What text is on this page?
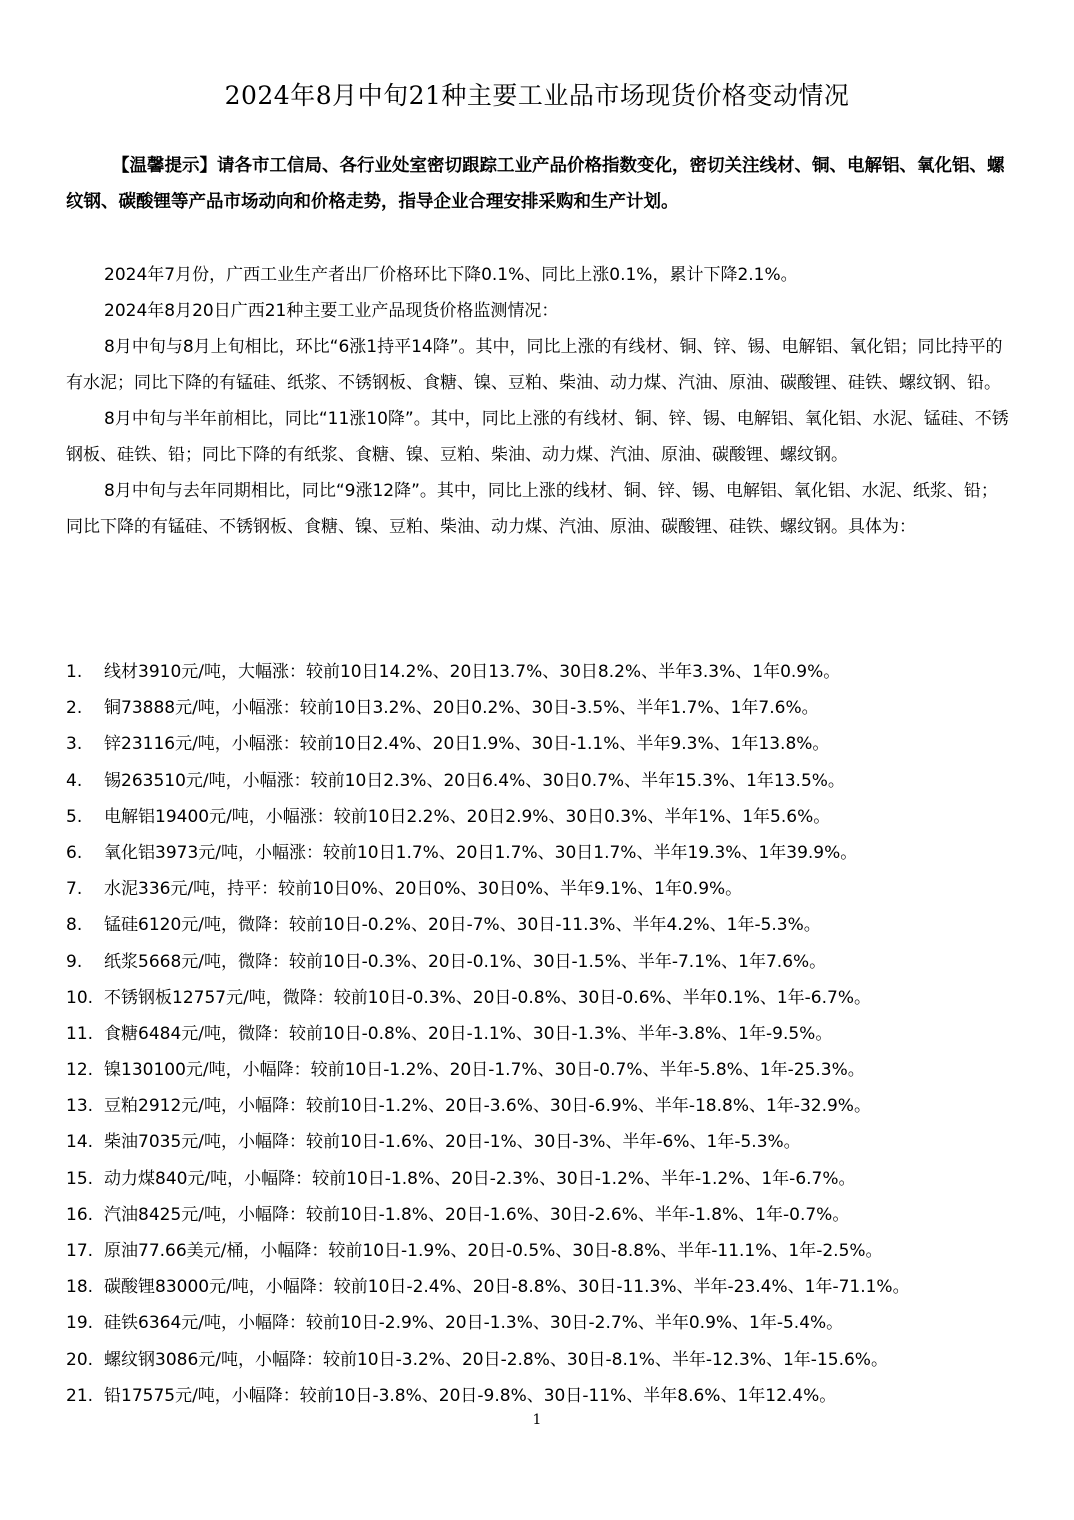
2024年8月中旬21种主要工业品市场现货价格变动情况
【温馨提示】请各市工信局、各行业处室密切跟踪工业产品价格指数变化，密切关注线材、铜、电解铝、氧化铝、螺纹钢、碳酸锂等产品市场动向和价格走势，指导企业合理安排采购和生产计划。

2024年7月份，广西工业生产者出厂价格环比下降0.1%、同比上涨0.1%，累计下降2.1%。

2024年8月20日广西21种主要工业产品现货价格监测情况：

8月中旬与8月上旬相比，环比“6涨1持平14降”。其中，同比上涨的有线材、铜、锌、锡、电解铝、氧化铝；同比持平的有水泥；同比下降的有锰硅、纸浆、不锈钢板、食糖、镍、豆粕、柴油、动力煤、汽油、原油、碳酸锂、硅铁、螺纹钢、铅。

8月中旬与半年前相比，同比“11涨10降”。其中，同比上涨的有线材、铜、锌、锡、电解铝、氧化铝、水泥、锰硅、不锈钢板、硅铁、铅；同比下降的有纸浆、食糖、镍、豆粕、柴油、动力煤、汽油、原油、碳酸锂、螺纹钢。

8月中旬与去年同期相比，同比“9涨12降”。其中，同比上涨的线材、铜、锌、锡、电解铝、氧化铝、水泥、纸浆、铅；同比下降的有锰硅、不锈钢板、食糖、镍、豆粕、柴油、动力煤、汽油、原油、碳酸锂、硅铁、螺纹钢。具体为：

1. 线材3910元/吨，大幅涨：较前10日14.2%、20日13.7%、30日8.2%、半年3.3%、1年0.9%。
2. 铜73888元/吨，小幅涨：较前10日3.2%、20日0.2%、30日-3.5%、半年1.7%、1年7.6%。
3. 锌23116元/吨，小幅涨：较前10日2.4%、20日1.9%、30日-1.1%、半年9.3%、1年13.8%。
4. 锡263510元/吨，小幅涨：较前10日2.3%、20日6.4%、30日0.7%、半年15.3%、1年13.5%。
5. 电解铝19400元/吨，小幅涨：较前10日2.2%、20日2.9%、30日0.3%、半年1%、1年5.6%。
6. 氧化铝3973元/吨，小幅涨：较前10日1.7%、20日1.7%、30日1.7%、半年19.3%、1年39.9%。
7. 水泥336元/吨，持平：较前10日0%、20日0%、30日0%、半年9.1%、1年0.9%。
8. 锰硅6120元/吨，微降：较前10日-0.2%、20日-7%、30日-11.3%、半年4.2%、1年-5.3%。
9. 纸浆5668元/吨，微降：较前10日-0.3%、20日-0.1%、30日-1.5%、半年-7.1%、1年7.6%。
10. 不锈钢板12757元/吨，微降：较前10日-0.3%、20日-0.8%、30日-0.6%、半年0.1%、1年-6.7%。
11. 食糖6484元/吨，微降：较前10日-0.8%、20日-1.1%、30日-1.3%、半年-3.8%、1年-9.5%。
12. 镍130100元/吨，小幅降：较前10日-1.2%、20日-1.7%、30日-0.7%、半年-5.8%、1年-25.3%。
13. 豆粕2912元/吨，小幅降：较前10日-1.2%、20日-3.6%、30日-6.9%、半年-18.8%、1年-32.9%。
14. 柴油7035元/吨，小幅降：较前10日-1.6%、20日-1%、30日-3%、半年-6%、1年-5.3%。
15. 动力煤840元/吨，小幅降：较前10日-1.8%、20日-2.3%、30日-1.2%、半年-1.2%、1年-6.7%。
16. 汽油8425元/吨，小幅降：较前10日-1.8%、20日-1.6%、30日-2.6%、半年-1.8%、1年-0.7%。
17. 原油77.66美元/桶，小幅降：较前10日-1.9%、20日-0.5%、30日-8.8%、半年-11.1%、1年-2.5%。
18. 碳酸锂83000元/吨，小幅降：较前10日-2.4%、20日-8.8%、30日-11.3%、半年-23.4%、1年-71.1%。
19. 硅铁6364元/吨，小幅降：较前10日-2.9%、20日-1.3%、30日-2.7%、半年0.9%、1年-5.4%。
20. 螺纹钢3086元/吨，小幅降：较前10日-3.2%、20日-2.8%、30日-8.1%、半年-12.3%、1年-15.6%。
21. 铅17575元/吨，小幅降：较前10日-3.8%、20日-9.8%、30日-11%、半年8.6%、1年12.4%。
1
